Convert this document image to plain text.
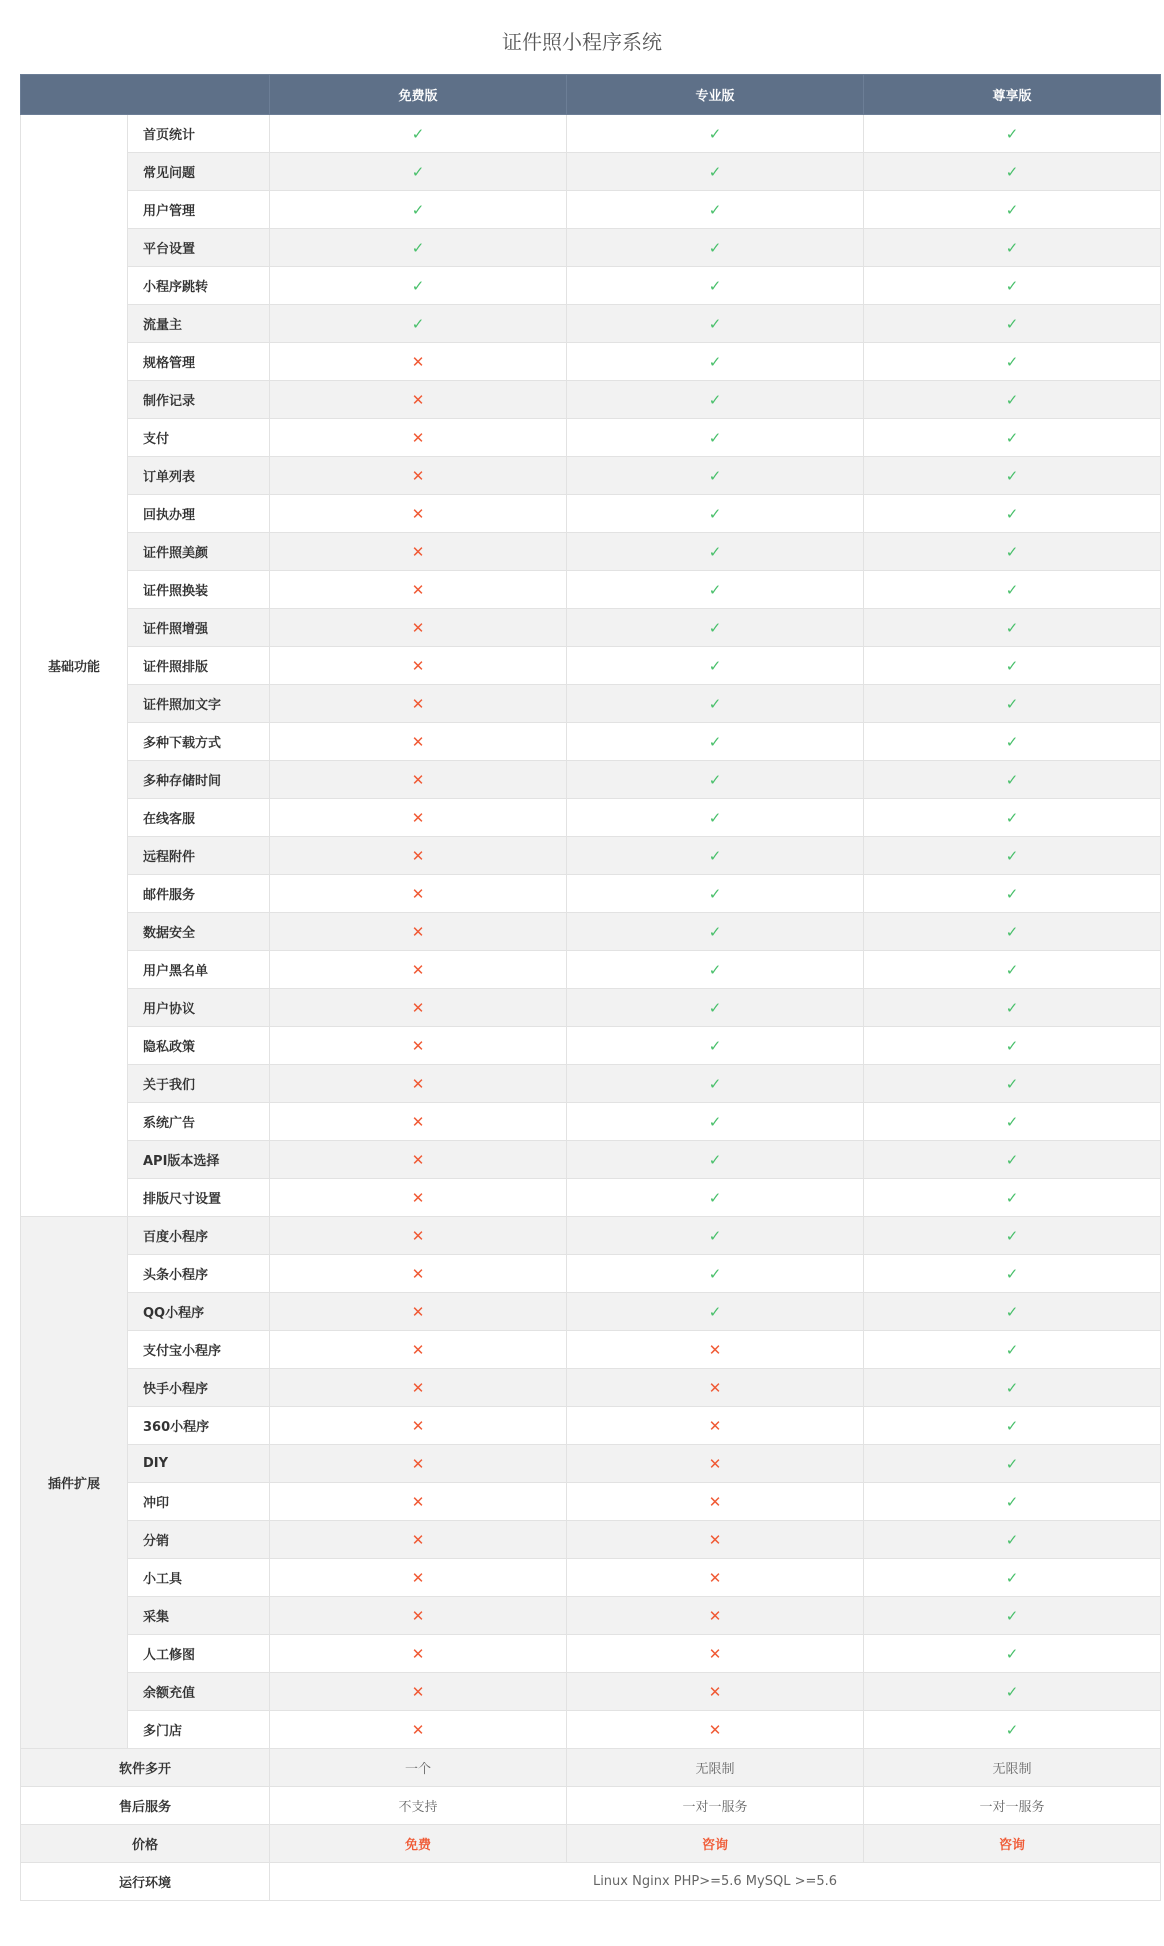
证件照小程序系统
		免费版	专业版	尊享版
基础功能	首页统计	✓	✓	✓
	常见问题	✓	✓	✓
	用户管理	✓	✓	✓
	平台设置	✓	✓	✓
	小程序跳转	✓	✓	✓
	流量主	✓	✓	✓
	规格管理	✕	✓	✓
	制作记录	✕	✓	✓
	支付	✕	✓	✓
	订单列表	✕	✓	✓
	回执办理	✕	✓	✓
	证件照美颜	✕	✓	✓
	证件照换装	✕	✓	✓
	证件照增强	✕	✓	✓
	证件照排版	✕	✓	✓
	证件照加文字	✕	✓	✓
	多种下载方式	✕	✓	✓
	多种存储时间	✕	✓	✓
	在线客服	✕	✓	✓
	远程附件	✕	✓	✓
	邮件服务	✕	✓	✓
	数据安全	✕	✓	✓
	用户黑名单	✕	✓	✓
	用户协议	✕	✓	✓
	隐私政策	✕	✓	✓
	关于我们	✕	✓	✓
	系统广告	✕	✓	✓
	API版本选择	✕	✓	✓
	排版尺寸设置	✕	✓	✓
插件扩展	百度小程序	✕	✓	✓
	头条小程序	✕	✓	✓
	QQ小程序	✕	✓	✓
	支付宝小程序	✕	✕	✓
	快手小程序	✕	✕	✓
	360小程序	✕	✕	✓
	DIY	✕	✕	✓
	冲印	✕	✕	✓
	分销	✕	✕	✓
	小工具	✕	✕	✓
	采集	✕	✕	✓
	人工修图	✕	✕	✓
	余额充值	✕	✕	✓
	多门店	✕	✕	✓
软件多开		一个	无限制	无限制
售后服务		不支持	一对一服务	一对一服务
价格		免费	咨询	咨询
运行环境		Linux Nginx PHP>=5.6 MySQL >=5.6		
